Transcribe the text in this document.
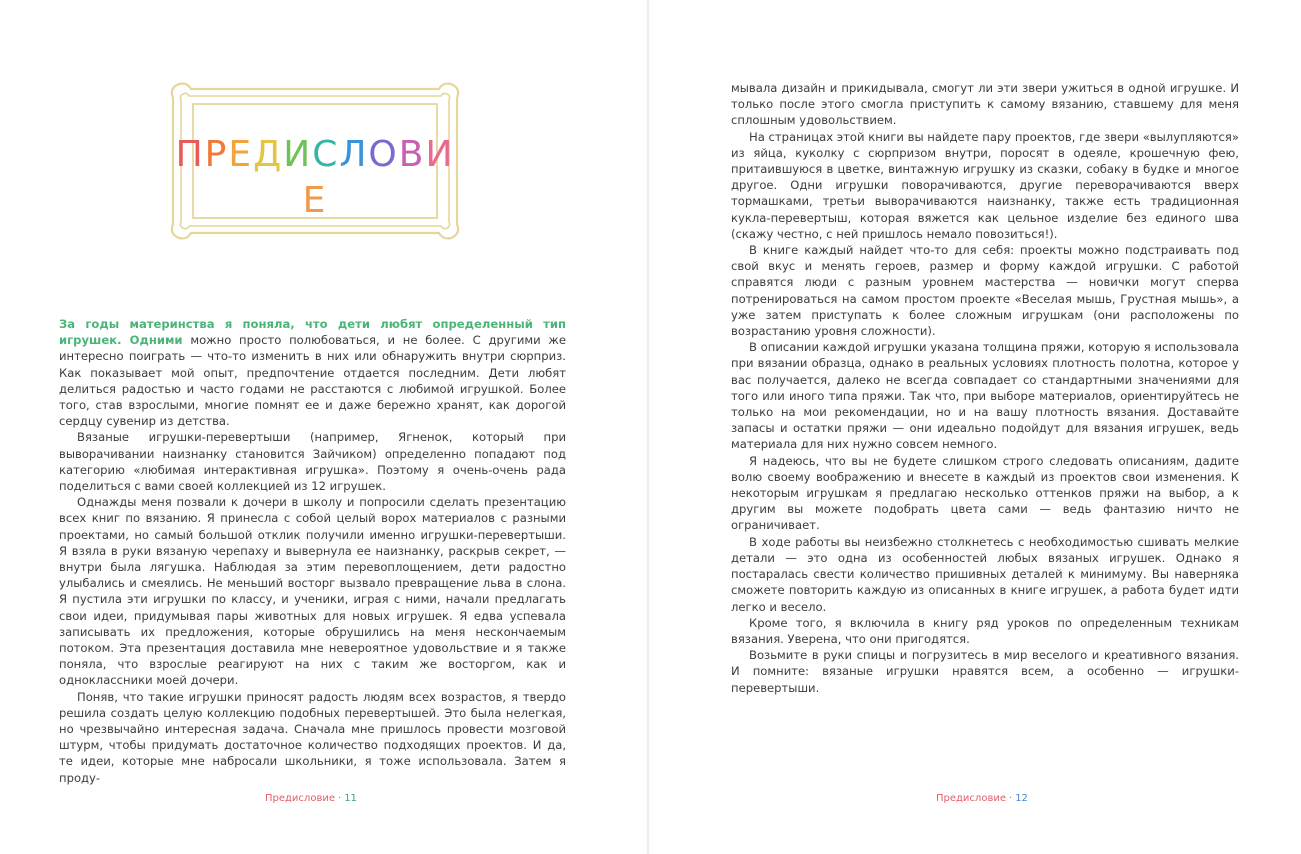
ПРЕДИСЛОВИЕ

За годы материнства я поняла, что дети любят определенный тип игрушек. Одними можно просто полюбоваться, и не более. С другими же интересно поиграть — что-то изменить в них или обнаружить внутри сюрприз. Как показывает мой опыт, предпочтение отдается последним. Дети любят делиться радостью и часто годами не расстаются с любимой игрушкой. Более того, став взрослыми, многие помнят ее и даже бережно хранят, как дорогой сердцу сувенир из детства.

Вязаные игрушки-перевертыши (например, Ягненок, который при выворачивании наизнанку становится Зайчиком) определенно попадают под категорию «любимая интерактивная игрушка». Поэтому я очень-очень рада поделиться с вами своей коллекцией из 12 игрушек.

Однажды меня позвали к дочери в школу и попросили сделать презентацию всех книг по вязанию. Я принесла с собой целый ворох материалов с разными проектами, но самый большой отклик получили именно игрушки-перевертыши. Я взяла в руки вязаную черепаху и вывернула ее наизнанку, раскрыв секрет, — внутри была лягушка. Наблюдая за этим перевоплощением, дети радостно улыбались и смеялись. Не меньший восторг вызвало превращение льва в слона. Я пустила эти игрушки по классу, и ученики, играя с ними, начали предлагать свои идеи, придумывая пары животных для новых игрушек. Я едва успевала записывать их предложения, которые обрушились на меня нескончаемым потоком. Эта презентация доставила мне невероятное удовольствие и я также поняла, что взрослые реагируют на них с таким же восторгом, как и одноклассники моей дочери.

Поняв, что такие игрушки приносят радость людям всех возрастов, я твердо решила создать целую коллекцию подобных перевертышей. Это была нелегкая, но чрезвычайно интересная задача. Сначала мне пришлось провести мозговой штурм, чтобы придумать достаточное количество подходящих проектов. И да, те идеи, которые мне набросали школьники, я тоже использовала. Затем я проду-

Предисловие · 11

мывала дизайн и прикидывала, смогут ли эти звери ужиться в одной игрушке. И только после этого смогла приступить к самому вязанию, ставшему для меня сплошным удовольствием.

На страницах этой книги вы найдете пару проектов, где звери «вылупляются» из яйца, куколку с сюрпризом внутри, поросят в одеяле, крошечную фею, притаившуюся в цветке, винтажную игрушку из сказки, собаку в будке и многое другое. Одни игрушки поворачиваются, другие переворачиваются вверх тормашками, третьи выворачиваются наизнанку, также есть традиционная кукла-перевертыш, которая вяжется как цельное изделие без единого шва (скажу честно, с ней пришлось немало повозиться!).

В книге каждый найдет что-то для себя: проекты можно подстраивать под свой вкус и менять героев, размер и форму каждой игрушки. С работой справятся люди с разным уровнем мастерства — новички могут сперва потренироваться на самом простом проекте «Веселая мышь, Грустная мышь», а уже затем приступать к более сложным игрушкам (они расположены по возрастанию уровня сложности).

В описании каждой игрушки указана толщина пряжи, которую я использовала при вязании образца, однако в реальных условиях плотность полотна, которое у вас получается, далеко не всегда совпадает со стандартными значениями для того или иного типа пряжи. Так что, при выборе материалов, ориентируйтесь не только на мои рекомендации, но и на вашу плотность вязания. Доставайте запасы и остатки пряжи — они идеально подойдут для вязания игрушек, ведь материала для них нужно совсем немного.

Я надеюсь, что вы не будете слишком строго следовать описаниям, дадите волю своему воображению и внесете в каждый из проектов свои изменения. К некоторым игрушкам я предлагаю несколько оттенков пряжи на выбор, а к другим вы можете подобрать цвета сами — ведь фантазию ничто не ограничивает.

В ходе работы вы неизбежно столкнетесь с необходимостью сшивать мелкие детали — это одна из особенностей любых вязаных игрушек. Однако я постаралась свести количество пришивных деталей к минимуму. Вы наверняка сможете повторить каждую из описанных в книге игрушек, а работа будет идти легко и весело.

Кроме того, я включила в книгу ряд уроков по определенным техникам вязания. Уверена, что они пригодятся.

Возьмите в руки спицы и погрузитесь в мир веселого и креативного вязания. И помните: вязаные игрушки нравятся всем, а особенно — игрушки-перевертыши.

Предисловие · 12
